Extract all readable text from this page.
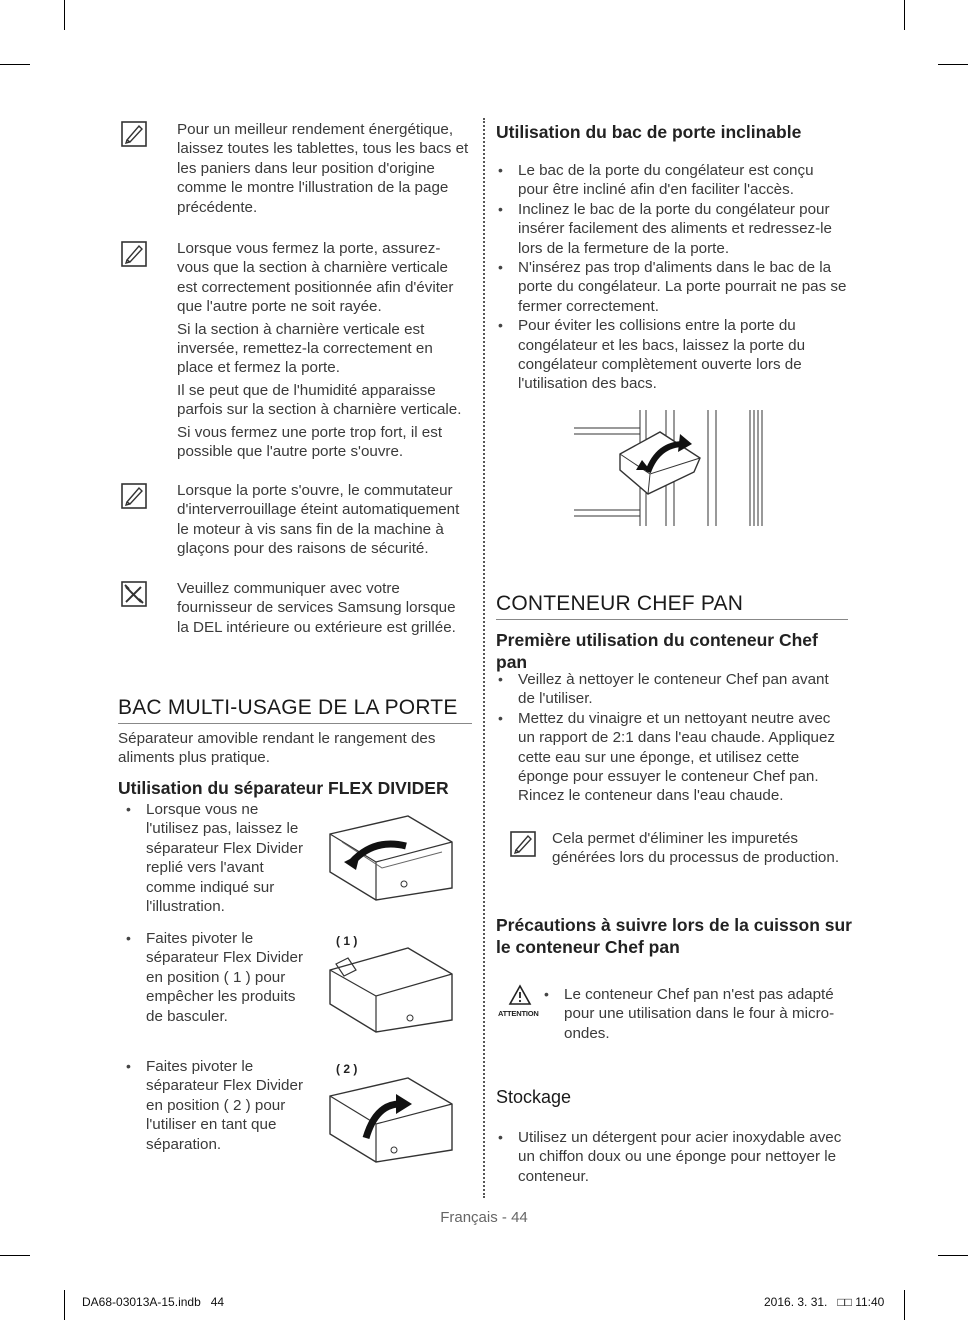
Pour un meilleur rendement énergétique, laissez toutes les tablettes, tous les bacs et les paniers dans leur position d'origine comme le montre l'illustration de la page précédente.

Lorsque vous fermez la porte, assurez-vous que la section à charnière verticale est correctement positionnée afin d'éviter que l'autre porte ne soit rayée.

Si la section à charnière verticale est inversée, remettez-la correctement en place et fermez la porte.

Il se peut que de l'humidité apparaisse parfois sur la section à charnière verticale.

Si vous fermez une porte trop fort, il est possible que l'autre porte s'ouvre.

Lorsque la porte s'ouvre, le commutateur d'interverrouillage éteint automatiquement le moteur à vis sans fin de la machine à glaçons pour des raisons de sécurité.

Veuillez communiquer avec votre fournisseur de services Samsung lorsque la DEL intérieure ou extérieure est grillée.

BAC MULTI-USAGE DE LA PORTE
Séparateur amovible rendant le rangement des aliments plus pratique.
Utilisation du séparateur FLEX DIVIDER
• Lorsque vous ne l'utilisez pas, laissez le séparateur Flex Divider replié vers l'avant comme indiqué sur l'illustration.
• Faites pivoter le séparateur Flex Divider en position ( 1 ) pour empêcher les produits de basculer.
• Faites pivoter le séparateur Flex Divider en position ( 2 ) pour l'utiliser en tant que séparation.
( 1 )
( 2 )
Utilisation du bac de porte inclinable
• Le bac de la porte du congélateur est conçu pour être incliné afin d'en faciliter l'accès.
• Inclinez le bac de la porte du congélateur pour insérer facilement des aliments et redressez-le lors de la fermeture de la porte.
• N'insérez pas trop d'aliments dans le bac de la porte du congélateur. La porte pourrait ne pas se fermer correctement.
• Pour éviter les collisions entre la porte du congélateur et les bacs, laissez la porte du congélateur complètement ouverte lors de l'utilisation des bacs.
CONTENEUR CHEF PAN
Première utilisation du conteneur Chef pan
• Veillez à nettoyer le conteneur Chef pan avant de l'utiliser.
• Mettez du vinaigre et un nettoyant neutre avec un rapport de 2:1 dans l'eau chaude. Appliquez cette eau sur une éponge, et utilisez cette éponge pour essuyer le conteneur Chef pan. Rincez le conteneur dans l'eau chaude.
Cela permet d'éliminer les impuretés générées lors du processus de production.
Précautions à suivre lors de la cuisson sur le conteneur Chef pan
ATTENTION
• Le conteneur Chef pan n'est pas adapté pour une utilisation dans le four à micro-ondes.
Stockage
• Utilisez un détergent pour acier inoxydable avec un chiffon doux ou une éponge pour nettoyer le conteneur.
Français - 44
DA68-03013A-15.indb   44	2016. 3. 31.   □□ 11:40
